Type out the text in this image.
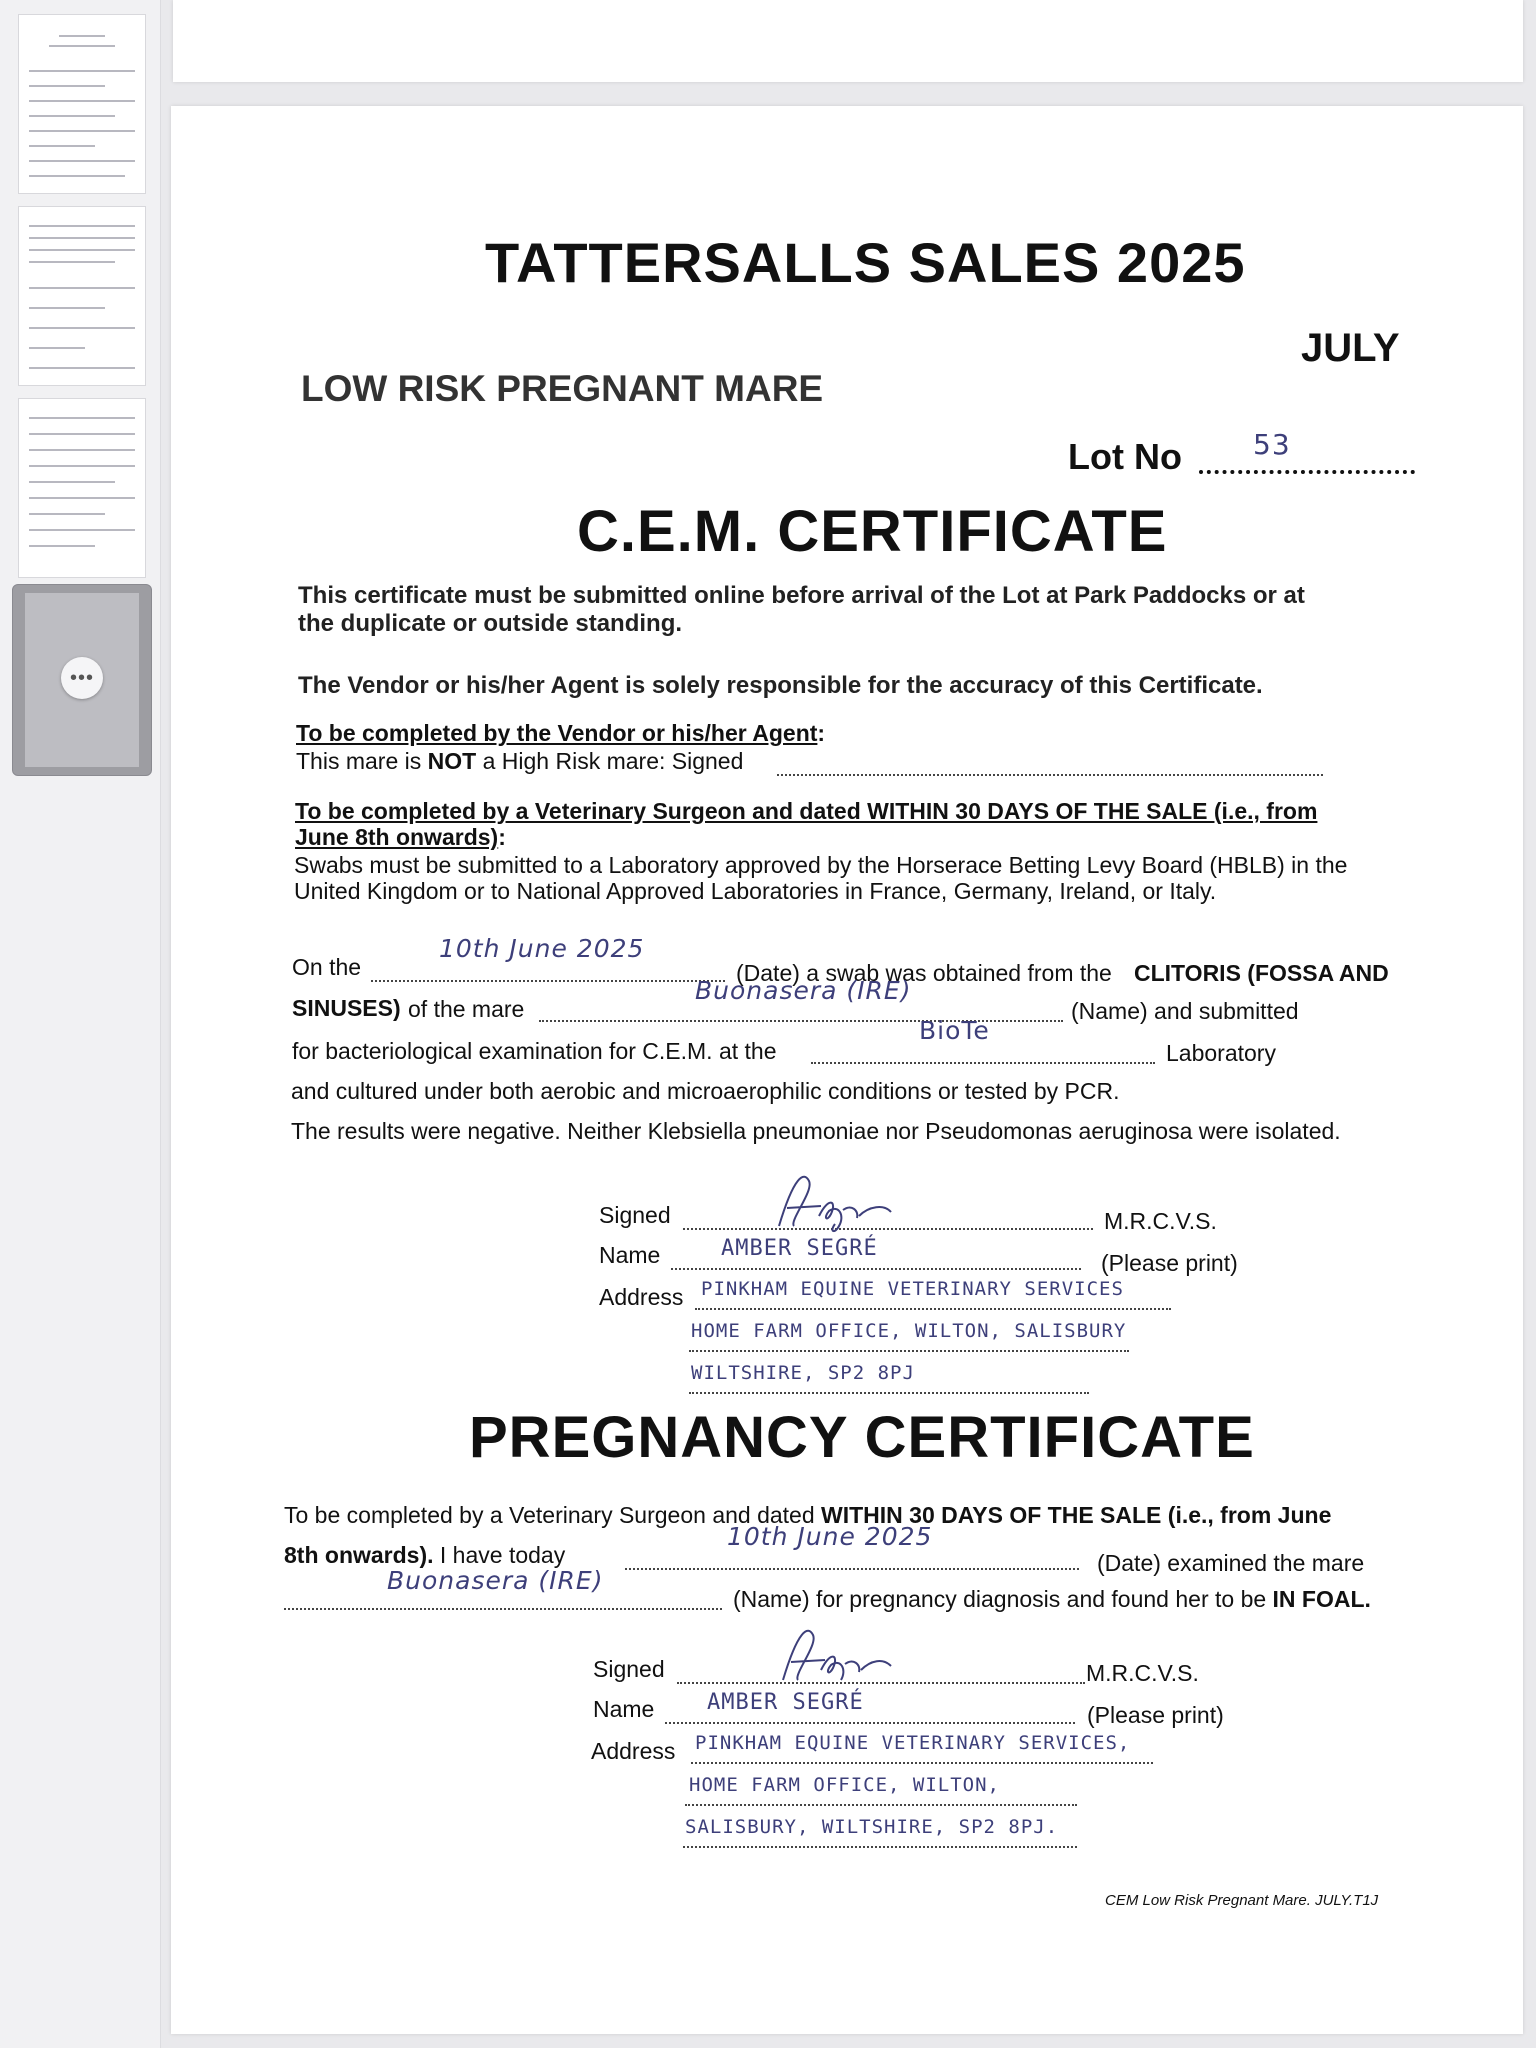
•••
TATTERSALLS SALES 2025
JULY
LOW RISK PREGNANT MARE
Lot No	53
C.E.M. CERTIFICATE
This certificate must be submitted online before arrival of the Lot at Park Paddocks or at
the duplicate or outside standing.
The Vendor or his/her Agent is solely responsible for the accuracy of this Certificate.
To be completed by the Vendor or his/her Agent:
This mare is NOT a High Risk mare: Signed
To be completed by a Veterinary Surgeon and dated WITHIN 30 DAYS OF THE SALE (i.e., from
June 8th onwards):
Swabs must be submitted to a Laboratory approved by the Horserace Betting Levy Board (HBLB) in the
United Kingdom or to National Approved Laboratories in France, Germany, Ireland, or Italy.
On the
10th June 2025
(Date) a swab was obtained from the CLITORIS (FOSSA AND
SINUSES) of the mare
Buonasera (IRE)
(Name) and submitted
for bacteriological examination for C.E.M. at the
BioTe
Laboratory
and cultured under both aerobic and microaerophilic conditions or tested by PCR.
The results were negative. Neither Klebsiella pneumoniae nor Pseudomonas aeruginosa were isolated.
Signed	M.R.C.V.S.
Name	AMBER SEGRÉ
(Please print)
Address PINKHAM EQUINE VETERINARY SERVICES
HOME FARM OFFICE, WILTON, SALISBURY
WILTSHIRE, SP2 8PJ
PREGNANCY CERTIFICATE
To be completed by a Veterinary Surgeon and dated WITHIN 30 DAYS OF THE SALE (i.e., from June
8th onwards). I have today
10th June 2025
(Date) examined the mare
Buonasera (IRE)
(Name) for pregnancy diagnosis and found her to be IN FOAL.
Signed	M.R.C.V.S.
Name AMBER SEGRÉ	(Please print)
Address PINKHAM EQUINE VETERINARY SERVICES,
HOME FARM OFFICE, WILTON,
SALISBURY, WILTSHIRE, SP2 8PJ.
CEM Low Risk Pregnant Mare. JULY.T1J
